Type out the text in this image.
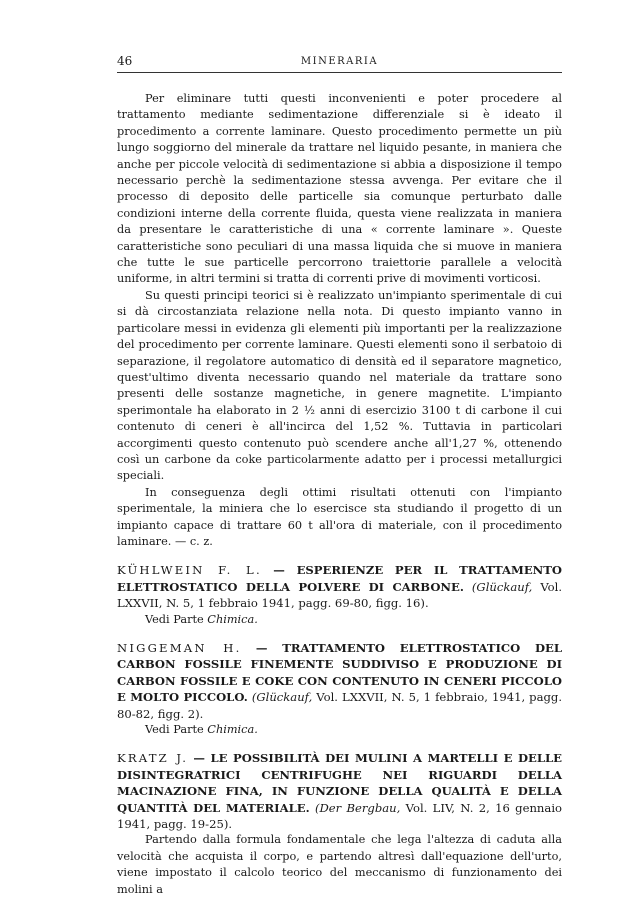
46	MINERARIA

Per eliminare tutti questi inconvenienti e poter procedere al trattamento mediante sedimentazione differenziale si è ideato il procedimento a corrente laminare. Questo procedimento permette un più lungo soggiorno del minerale da trattare nel liquido pesante, in maniera che anche per piccole velocità di sedimentazione si abbia a disposizione il tempo necessario perchè la sedimentazione stessa avvenga. Per evitare che il processo di deposito delle particelle sia comunque perturbato dalle condizioni interne della corrente fluida, questa viene realizzata in maniera da presentare le caratteristiche di una « corrente laminare ». Queste caratteristiche sono peculiari di una massa liquida che si muove in maniera che tutte le sue particelle percorrono traiettorie parallele a velocità uniforme, in altri termini si tratta di correnti prive di movimenti vorticosi.

Su questi principi teorici si è realizzato un'impianto sperimentale di cui si dà circostanziata relazione nella nota. Di questo impianto vanno in particolare messi in evidenza gli elementi più importanti per la realizzazione del procedimento per corrente laminare. Questi elementi sono il serbatoio di separazione, il regolatore automatico di densità ed il separatore magnetico, quest'ultimo diventa necessario quando nel materiale da trattare sono presenti delle sostanze magnetiche, in genere magnetite. L'impianto sperimontale ha elaborato in 2 ½ anni di esercizio 3100 t di carbone il cui contenuto di ceneri è all'incirca del 1,52 %. Tuttavia in particolari accorgimenti questo contenuto può scendere anche all'1,27 %, ottenendo così un carbone da coke particolarmente adatto per i processi metallurgici speciali.

In conseguenza degli ottimi risultati ottenuti con l'impianto sperimentale, la miniera che lo esercisce sta studiando il progetto di un impianto capace di trattare 60 t all'ora di materiale, con il procedimento laminare. — c. z.

KÜHLWEIN F. L. — ESPERIENZE PER IL TRATTAMENTO ELETTROSTATICO DELLA POLVERE DI CARBONE. (Glückauf, Vol. LXXVII, N. 5, 1 febbraio 1941, pagg. 69-80, figg. 16).

Vedi Parte Chimica.

NIGGEMAN H. — TRATTAMENTO ELETTROSTATICO DEL CARBON FOSSILE FINEMENTE SUDDIVISO E PRODUZIONE DI CARBON FOSSILE E COKE CON CONTENUTO IN CENERI PICCOLO E MOLTO PICCOLO. (Glückauf, Vol. LXXVII, N. 5, 1 febbraio, 1941, pagg. 80-82, figg. 2).

Vedi Parte Chimica.

KRATZ J. — LE POSSIBILITÀ DEI MULINI A MARTELLI E DELLE DISINTEGRATRICI CENTRIFUGHE NEI RIGUARDI DELLA MACINAZIONE FINA, IN FUNZIONE DELLA QUALITÀ E DELLA QUANTITÀ DEL MATERIALE. (Der Bergbau, Vol. LIV, N. 2, 16 gennaio 1941, pagg. 19-25).

Partendo dalla formula fondamentale che lega l'altezza di caduta alla velocità che acquista il corpo, e partendo altresì dall'equazione dell'urto, viene impostato il calcolo teorico del meccanismo di funzionamento dei molini a
